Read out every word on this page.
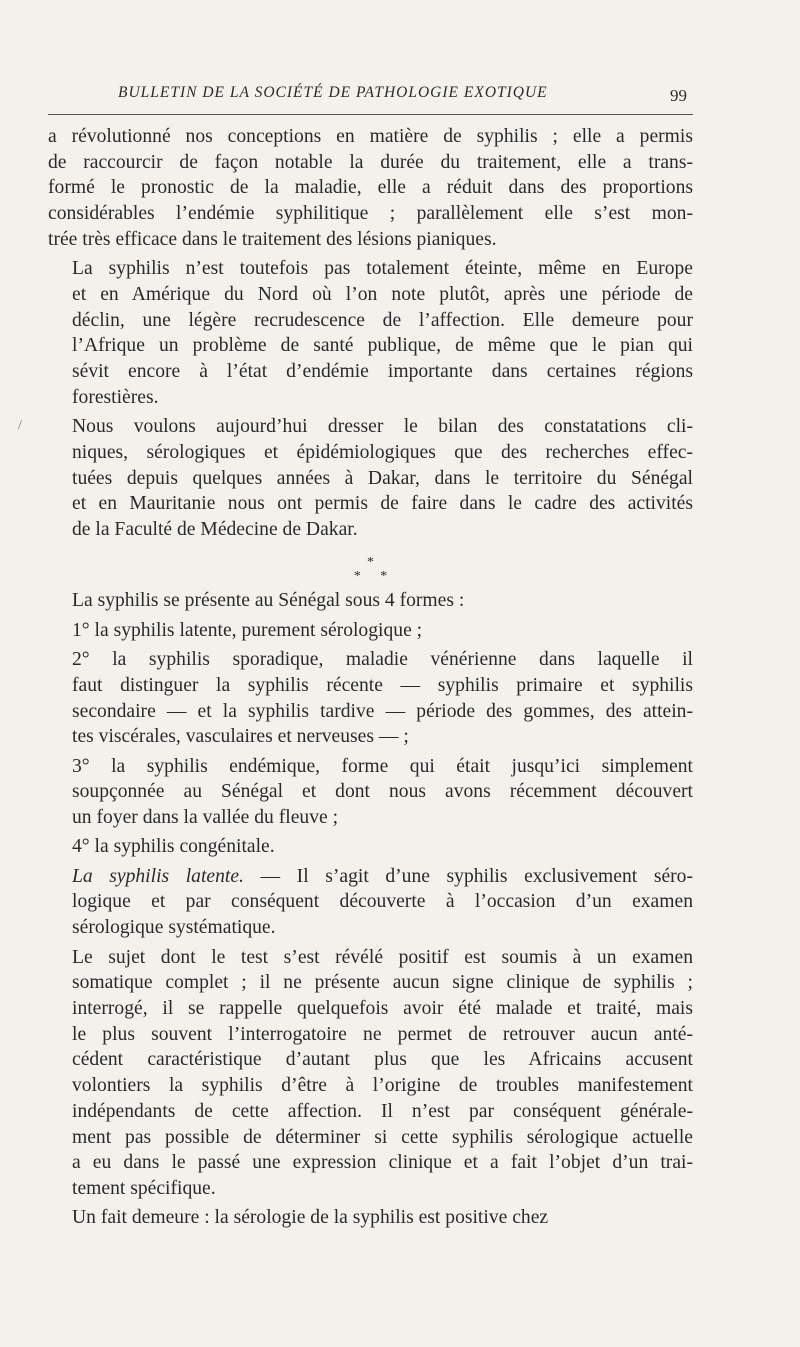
BULLETIN DE LA SOCIÉTÉ DE PATHOLOGIE EXOTIQUE	99
/

a révolutionné nos conceptions en matière de syphilis ; elle a permis
de raccourcir de façon notable la durée du traitement, elle a trans-
formé le pronostic de la maladie, elle a réduit dans des proportions
considérables l’endémie syphilitique ; parallèlement elle s’est mon-
trée très efficace dans le traitement des lésions pianiques.

La syphilis n’est toutefois pas totalement éteinte, même en Europe
et en Amérique du Nord où l’on note plutôt, après une période de
déclin, une légère recrudescence de l’affection. Elle demeure pour
l’Afrique un problème de santé publique, de même que le pian qui
sévit encore à l’état d’endémie importante dans certaines régions
forestières.

Nous voulons aujourd’hui dresser le bilan des constatations cli-
niques, sérologiques et épidémiologiques que des recherches effec-
tuées depuis quelques années à Dakar, dans le territoire du Sénégal
et en Mauritanie nous ont permis de faire dans le cadre des activités
de la Faculté de Médecine de Dakar.

*
* *

La syphilis se présente au Sénégal sous 4 formes :

1° la syphilis latente, purement sérologique ;

2° la syphilis sporadique, maladie vénérienne dans laquelle il
faut distinguer la syphilis récente — syphilis primaire et syphilis
secondaire — et la syphilis tardive — période des gommes, des attein-
tes viscérales, vasculaires et nerveuses — ;

3° la syphilis endémique, forme qui était jusqu’ici simplement
soupçonnée au Sénégal et dont nous avons récemment découvert
un foyer dans la vallée du fleuve ;

4° la syphilis congénitale.

La syphilis latente. — Il s’agit d’une syphilis exclusivement séro-
logique et par conséquent découverte à l’occasion d’un examen
sérologique systématique.

Le sujet dont le test s’est révélé positif est soumis à un examen
somatique complet ; il ne présente aucun signe clinique de syphilis ;
interrogé, il se rappelle quelquefois avoir été malade et traité, mais
le plus souvent l’interrogatoire ne permet de retrouver aucun anté-
cédent caractéristique d’autant plus que les Africains accusent
volontiers la syphilis d’être à l’origine de troubles manifestement
indépendants de cette affection. Il n’est par conséquent générale-
ment pas possible de déterminer si cette syphilis sérologique actuelle
a eu dans le passé une expression clinique et a fait l’objet d’un trai-
tement spécifique.

Un fait demeure : la sérologie de la syphilis est positive chez
